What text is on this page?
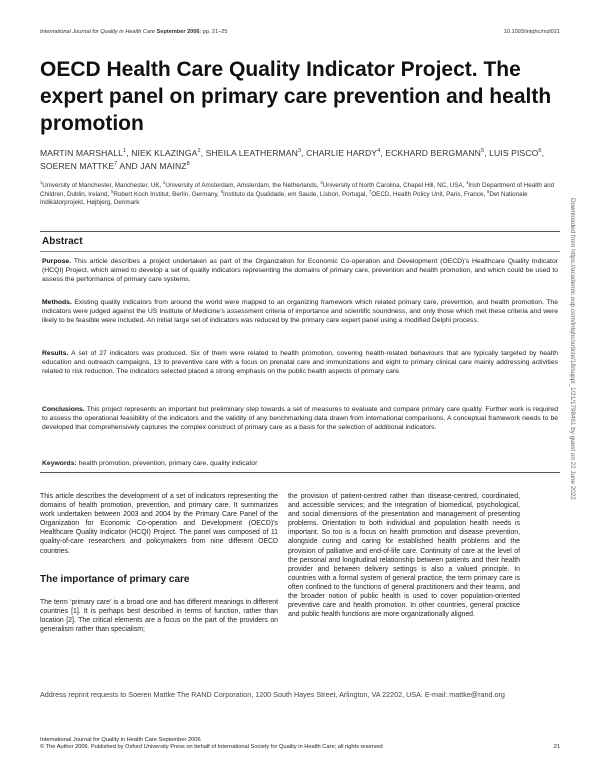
International Journal for Quality in Health Care September 2006; pp. 21–25	10.1093/intqhc/mzl021
OECD Health Care Quality Indicator Project. The expert panel on primary care prevention and health promotion
MARTIN MARSHALL$^1$, NIEK KLAZINGA$^2$, SHEILA LEATHERMAN$^3$, CHARLIE HARDY$^4$, ECKHARD BERGMANN$^5$, LUIS PISCO$^6$, SOEREN MATTKE$^7$ AND JAN MAINZ$^8$
$^1$University of Manchester, Manchester, UK, $^2$University of Amsterdam, Amsterdam, the Netherlands, $^3$University of North Carolina, Chapel Hill, NC, USA, $^4$Irish Department of Health and Children, Dublin, Ireland, $^5$Robert Koch Institut, Berlin, Germany, $^6$Instituto da Qualidade, em Saude, Lisbon, Portugal, $^7$OECD, Health Policy Unit, Paris, France, $^8$Det Nationale Indikatorprojekt, Højbjerg, Denmark
Abstract

Purpose. This article describes a project undertaken as part of the Organization for Economic Co-operation and Development (OECD)’s Healthcare Quality Indicator (HCQI) Project, which aimed to develop a set of quality indicators representing the domains of primary care, prevention and health promotion, and which could be used to assess the performance of primary care systems.

Methods. Existing quality indicators from around the world were mapped to an organizing framework which related primary care, prevention, and health promotion. The indicators were judged against the US Institute of Medicine’s assessment criteria of importance and scientific soundness, and only those which met these criteria and were likely to be feasible were included. An initial large set of indicators was reduced by the primary care expert panel using a modified Delphi process.

Results. A set of 27 indicators was produced. Six of them were related to health promotion, covering health-related behaviours that are typically targeted by health education and outreach campaigns, 13 to preventive care with a focus on prenatal care and immunizations and eight to primary clinical care mainly addressing activities related to risk reduction. The indicators selected placed a strong emphasis on the public health aspects of primary care.

Conclusions. This project represents an important but preliminary step towards a set of measures to evaluate and compare primary care quality. Further work is required to assess the operational feasibility of the indicators and the validity of any benchmarking data drawn from international comparisons. A conceptual framework needs to be developed that comprehensively captures the complex construct of primary care as a basis for the selection of additional indicators.

Keywords: health promotion, prevention, primary care, quality indicator

This article describes the development of a set of indicators representing the domains of health promotion, prevention, and primary care. It summarizes work undertaken between 2003 and 2004 by the Primary Care Panel of the Organization for Economic Co-operation and Development (OECD)’s Healthcare Quality Indicator (HCQI) Project. The panel was composed of 11 quality-of-care researchers and policymakers from nine different OECD countries.

The importance of primary care

The term ‘primary care’ is a broad one and has different meanings in different countries [1]. It is perhaps best described in terms of function, rather than location [2]. The critical elements are a focus on the part of the providers on generalism rather than specialism;

the provision of patient-centred rather than disease-centred, coordinated, and accessible services; and the integration of biomedical, psychological, and social dimensions of the presentation and management of presenting problems. Orientation to both individual and population health needs is important. So too is a focus on health promotion and disease prevention, alongside curing and caring for established health problems and the provision of palliative and end-of-life care. Continuity of care at the level of the personal and longitudinal relationship between patients and their health provider and between delivery settings is also a valued principle. In countries with a formal system of general practice, the term primary care is often confined to the functions of general practitioners and their teams, and the broader notion of public health is used to cover population-oriented preventive care and health promotion. In other countries, general practice and public health functions are more organizationally aligned.

Address reprint requests to Soeren Mattke The RAND Corporation, 1200 South Hayes Street, Arlington, VA 22202, USA. E-mail: mattke@rand.org
International Journal for Quality in Health Care September 2006
© The Author 2006. Published by Oxford University Press on behalf of International Society for Quality in Health Care; all rights reserved	21
Downloaded from https://academic.oup.com/intqhc/article/18/suppl_1/21/1798461 by guest on 22 June 2022
